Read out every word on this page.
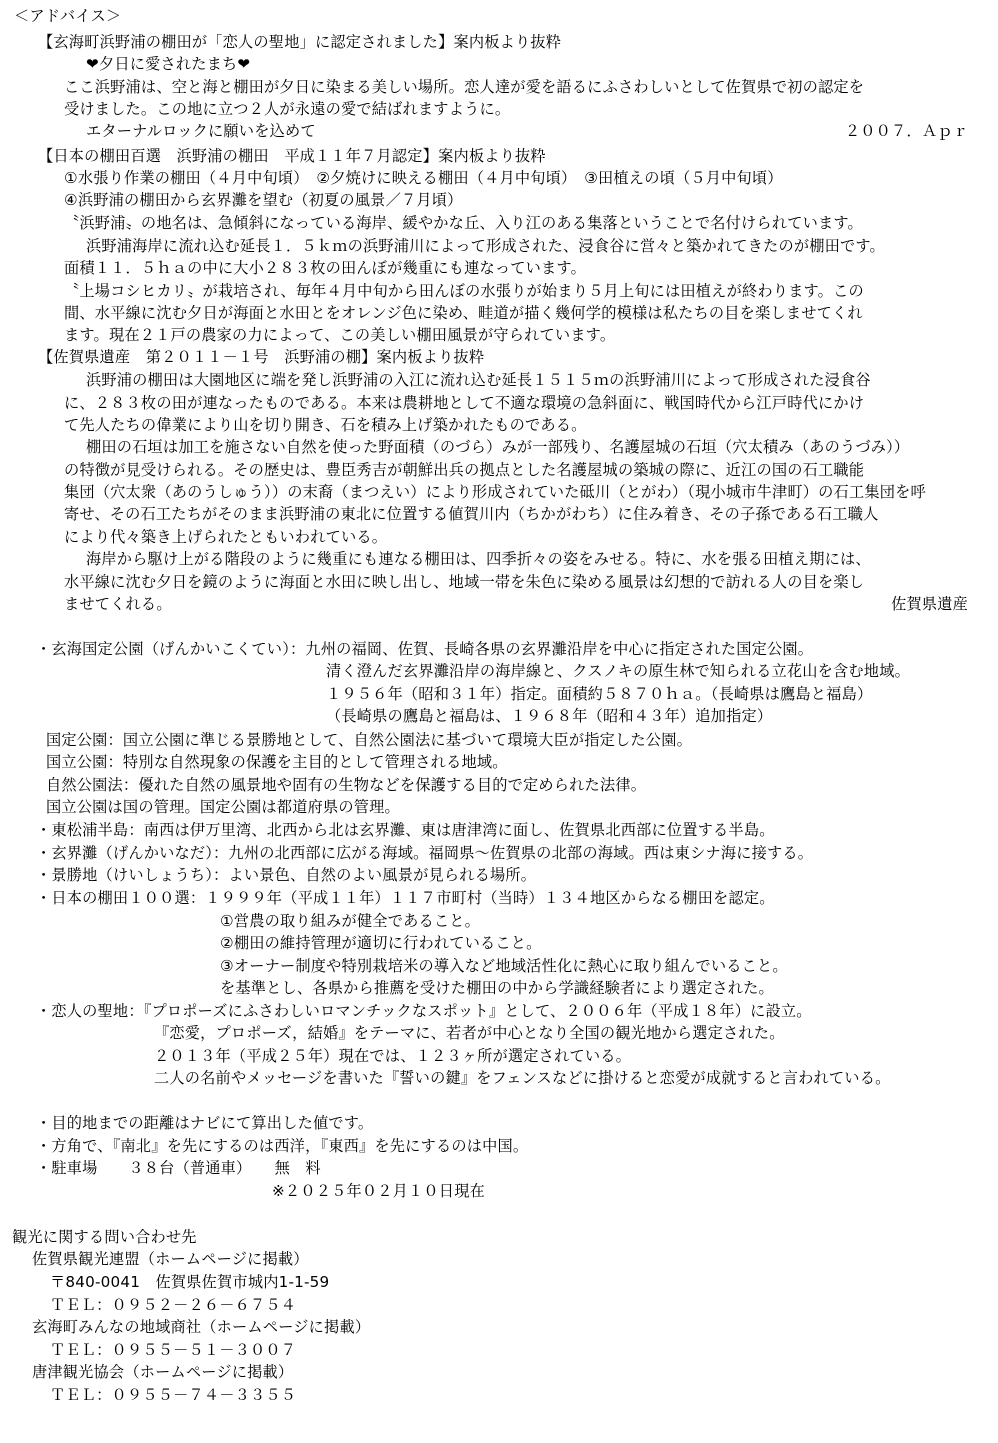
＜アドバイス＞
【玄海町浜野浦の棚田が「恋人の聖地」に認定されました】案内板より抜粋
❤夕日に愛されたまち❤
ここ浜野浦は、空と海と棚田が夕日に染まる美しい場所。恋人達が愛を語るにふさわしいとして佐賀県で初の認定を
受けました。この地に立つ２人が永遠の愛で結ばれますように。
エターナルロックに願いを込めて	２００７．Ａｐｒ
【日本の棚田百選　浜野浦の棚田　平成１１年７月認定】案内板より抜粋
①水張り作業の棚田（４月中旬頃）　②夕焼けに映える棚田（４月中旬頃）　③田植えの頃（５月中旬頃）
④浜野浦の棚田から玄界灘を望む（初夏の風景／７月頃）
〝浜野浦〟の地名は、急傾斜になっている海岸、緩やかな丘、入り江のある集落ということで名付けられています。
浜野浦海岸に流れ込む延長１．５ｋｍの浜野浦川によって形成された、浸食谷に営々と築かれてきたのが棚田です。
面積１１．５ｈａの中に大小２８３枚の田んぼが幾重にも連なっています。
〝上場コシヒカリ〟が栽培され、毎年４月中旬から田んぼの水張りが始まり５月上旬には田植えが終わります。この
間、水平線に沈む夕日が海面と水田とをオレンジ色に染め、畦道が描く幾何学的模様は私たちの目を楽しませてくれ
ます。現在２１戸の農家の力によって、この美しい棚田風景が守られています。
【佐賀県遺産　第２０１１－１号　浜野浦の棚】案内板より抜粋
浜野浦の棚田は大園地区に端を発し浜野浦の入江に流れ込む延長１５１５ｍの浜野浦川によって形成された浸食谷
に、２８３枚の田が連なったものである。本来は農耕地として不適な環境の急斜面に、戦国時代から江戸時代にかけ
て先人たちの偉業により山を切り開き、石を積み上げ築かれたものである。
棚田の石垣は加工を施さない自然を使った野面積（のづら）みが一部残り、名護屋城の石垣（穴太積み（あのうづみ））
の特徴が見受けられる。その歴史は、豊臣秀吉が朝鮮出兵の拠点とした名護屋城の築城の際に、近江の国の石工職能
集団（穴太衆（あのうしゅう））の末裔（まつえい）により形成されていた砥川（とがわ）（現小城市牛津町）の石工集団を呼
寄せ、その石工たちがそのまま浜野浦の東北に位置する値賀川内（ちかがわち）に住み着き、その子孫である石工職人
により代々築き上げられたともいわれている。
海岸から駆け上がる階段のように幾重にも連なる棚田は、四季折々の姿をみせる。特に、水を張る田植え期には、
水平線に沈む夕日を鏡のように海面と水田に映し出し、地域一帯を朱色に染める風景は幻想的で訪れる人の目を楽し
ませてくれる。	佐賀県遺産
・玄海国定公園（げんかいこくてい）：九州の福岡、佐賀、長崎各県の玄界灘沿岸を中心に指定された国定公園。
清く澄んだ玄界灘沿岸の海岸線と、クスノキの原生林で知られる立花山を含む地域。
１９５６年（昭和３１年）指定。面積約５８７０ｈａ。（長崎県は鷹島と福島）
（長崎県の鷹島と福島は、１９６８年（昭和４３年）追加指定）
国定公園：国立公園に準じる景勝地として、自然公園法に基づいて環境大臣が指定した公園。
国立公園：特別な自然現象の保護を主目的として管理される地域。
自然公園法：優れた自然の風景地や固有の生物などを保護する目的で定められた法律。
国立公園は国の管理。国定公園は都道府県の管理。
・東松浦半島：南西は伊万里湾、北西から北は玄界灘、東は唐津湾に面し、佐賀県北西部に位置する半島。
・玄界灘（げんかいなだ）：九州の北西部に広がる海域。福岡県～佐賀県の北部の海域。西は東シナ海に接する。
・景勝地（けいしょうち）：よい景色、自然のよい風景が見られる場所。
・日本の棚田１００選：１９９９年（平成１１年）１１７市町村（当時）１３４地区からなる棚田を認定。
①営農の取り組みが健全であること。
②棚田の維持管理が適切に行われていること。
③オーナー制度や特別栽培米の導入など地域活性化に熱心に取り組んでいること。
を基準とし、各県から推薦を受けた棚田の中から学識経験者により選定された。
・恋人の聖地：『プロポーズにふさわしいロマンチックなスポット』として、２００６年（平成１８年）に設立。
『恋愛，プロポーズ，結婚』をテーマに、若者が中心となり全国の観光地から選定された。
２０１３年（平成２５年）現在では、１２３ヶ所が選定されている。
二人の名前やメッセージを書いた『誓いの鍵』をフェンスなどに掛けると恋愛が成就すると言われている。
・目的地までの距離はナビにて算出した値です。
・方角で、『南北』を先にするのは西洋，『東西』を先にするのは中国。
・駐車場　　３８台（普通車）　　無　料
※２０２５年０２月１０日現在
観光に関する問い合わせ先
佐賀県観光連盟（ホームページに掲載）
〒840-0041　佐賀県佐賀市城内1-1-59
ＴＥＬ：０９５２－２６－６７５４
玄海町みんなの地域商社（ホームページに掲載）
ＴＥＬ：０９５５－５１－３００７
唐津観光協会（ホームページに掲載）
ＴＥＬ：０９５５－７４－３３５５
